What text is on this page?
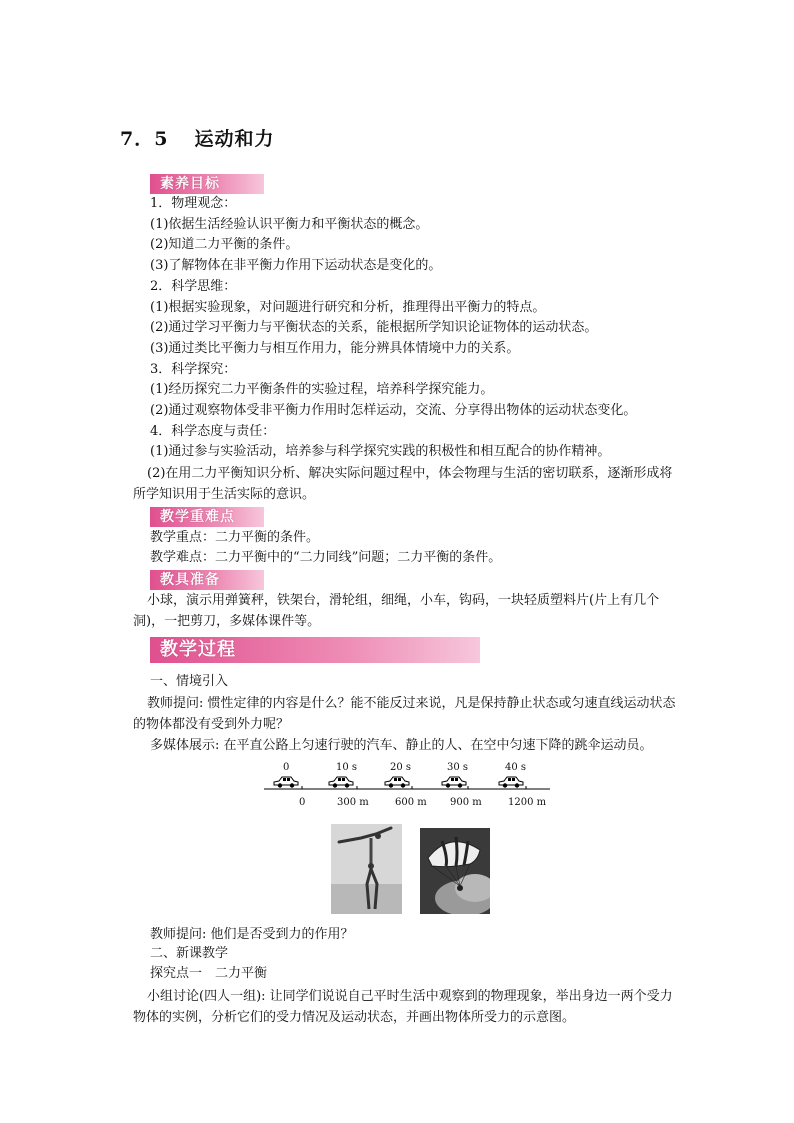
7．5 运动和力
素养目标
1．物理观念：
(1)依据生活经验认识平衡力和平衡状态的概念。
(2)知道二力平衡的条件。
(3)了解物体在非平衡力作用下运动状态是变化的。
2．科学思维：
(1)根据实验现象，对问题进行研究和分析，推理得出平衡力的特点。
(2)通过学习平衡力与平衡状态的关系，能根据所学知识论证物体的运动状态。
(3)通过类比平衡力与相互作用力，能分辨具体情境中力的关系。
3．科学探究：
(1)经历探究二力平衡条件的实验过程，培养科学探究能力。
(2)通过观察物体受非平衡力作用时怎样运动，交流、分享得出物体的运动状态变化。
4．科学态度与责任：
(1)通过参与实验活动，培养参与科学探究实践的积极性和相互配合的协作精神。
(2)在用二力平衡知识分析、解决实际问题过程中，体会物理与生活的密切联系，逐渐形成将所学知识用于生活实际的意识。
教学重难点
教学重点：二力平衡的条件。
教学难点：二力平衡中的“二力同线”问题；二力平衡的条件。
教具准备
小球，演示用弹簧秤，铁架台，滑轮组，细绳，小车，钩码，一块轻质塑料片(片上有几个洞)，一把剪刀，多媒体课件等。
教学过程
一、情境引入
教师提问: 惯性定律的内容是什么？能不能反过来说，凡是保持静止状态或匀速直线运动状态的物体都没有受到外力呢？
多媒体展示: 在平直公路上匀速行驶的汽车、静止的人、在空中匀速下降的跳伞运动员。
0	10 s	20 s	30 s	40 s
0	300 m	600 m 900 m	1200 m
教师提问: 他们是否受到力的作用？
二、新课教学
探究点一　二力平衡
小组讨论(四人一组): 让同学们说说自己平时生活中观察到的物理现象，举出身边一两个受力物体的实例，分析它们的受力情况及运动状态，并画出物体所受力的示意图。
